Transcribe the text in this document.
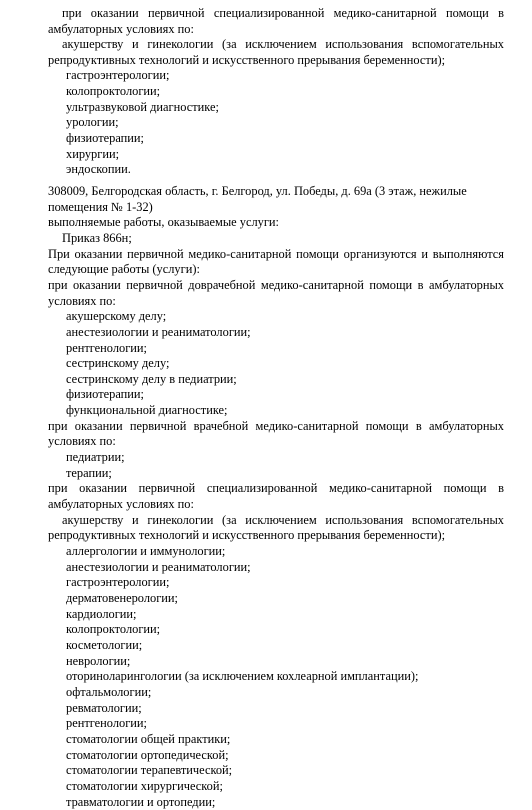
при оказании первичной специализированной медико-санитарной помощи в
амбулаторных условиях по:
акушерству и гинекологии (за исключением использования вспомогательных
репродуктивных технологий и искусственного прерывания беременности);
гастроэнтерологии;
колопроктологии;
ультразвуковой диагностике;
урологии;
физиотерапии;
хирургии;
эндоскопии.
308009, Белгородская область, г. Белгород, ул. Победы, д. 69а (3 этаж, нежилые
помещения № 1-32)
выполняемые работы, оказываемые услуги:
Приказ 866н;
При оказании первичной медико-санитарной помощи организуются и выполняются
следующие работы (услуги):
при оказании первичной доврачебной медико-санитарной помощи в амбулаторных
условиях по:
акушерскому делу;
анестезиологии и реаниматологии;
рентгенологии;
сестринскому делу;
сестринскому делу в педиатрии;
физиотерапии;
функциональной диагностике;
при оказании первичной врачебной медико-санитарной помощи в амбулаторных
условиях по:
педиатрии;
терапии;
при оказании первичной специализированной медико-санитарной помощи в
амбулаторных условиях по:
акушерству и гинекологии (за исключением использования вспомогательных
репродуктивных технологий и искусственного прерывания беременности);
аллергологии и иммунологии;
анестезиологии и реаниматологии;
гастроэнтерологии;
дерматовенерологии;
кардиологии;
колопроктологии;
косметологии;
неврологии;
оториноларингологии (за исключением кохлеарной имплантации);
офтальмологии;
ревматологии;
рентгенологии;
стоматологии общей практики;
стоматологии ортопедической;
стоматологии терапевтической;
стоматологии хирургической;
травматологии и ортопедии;
